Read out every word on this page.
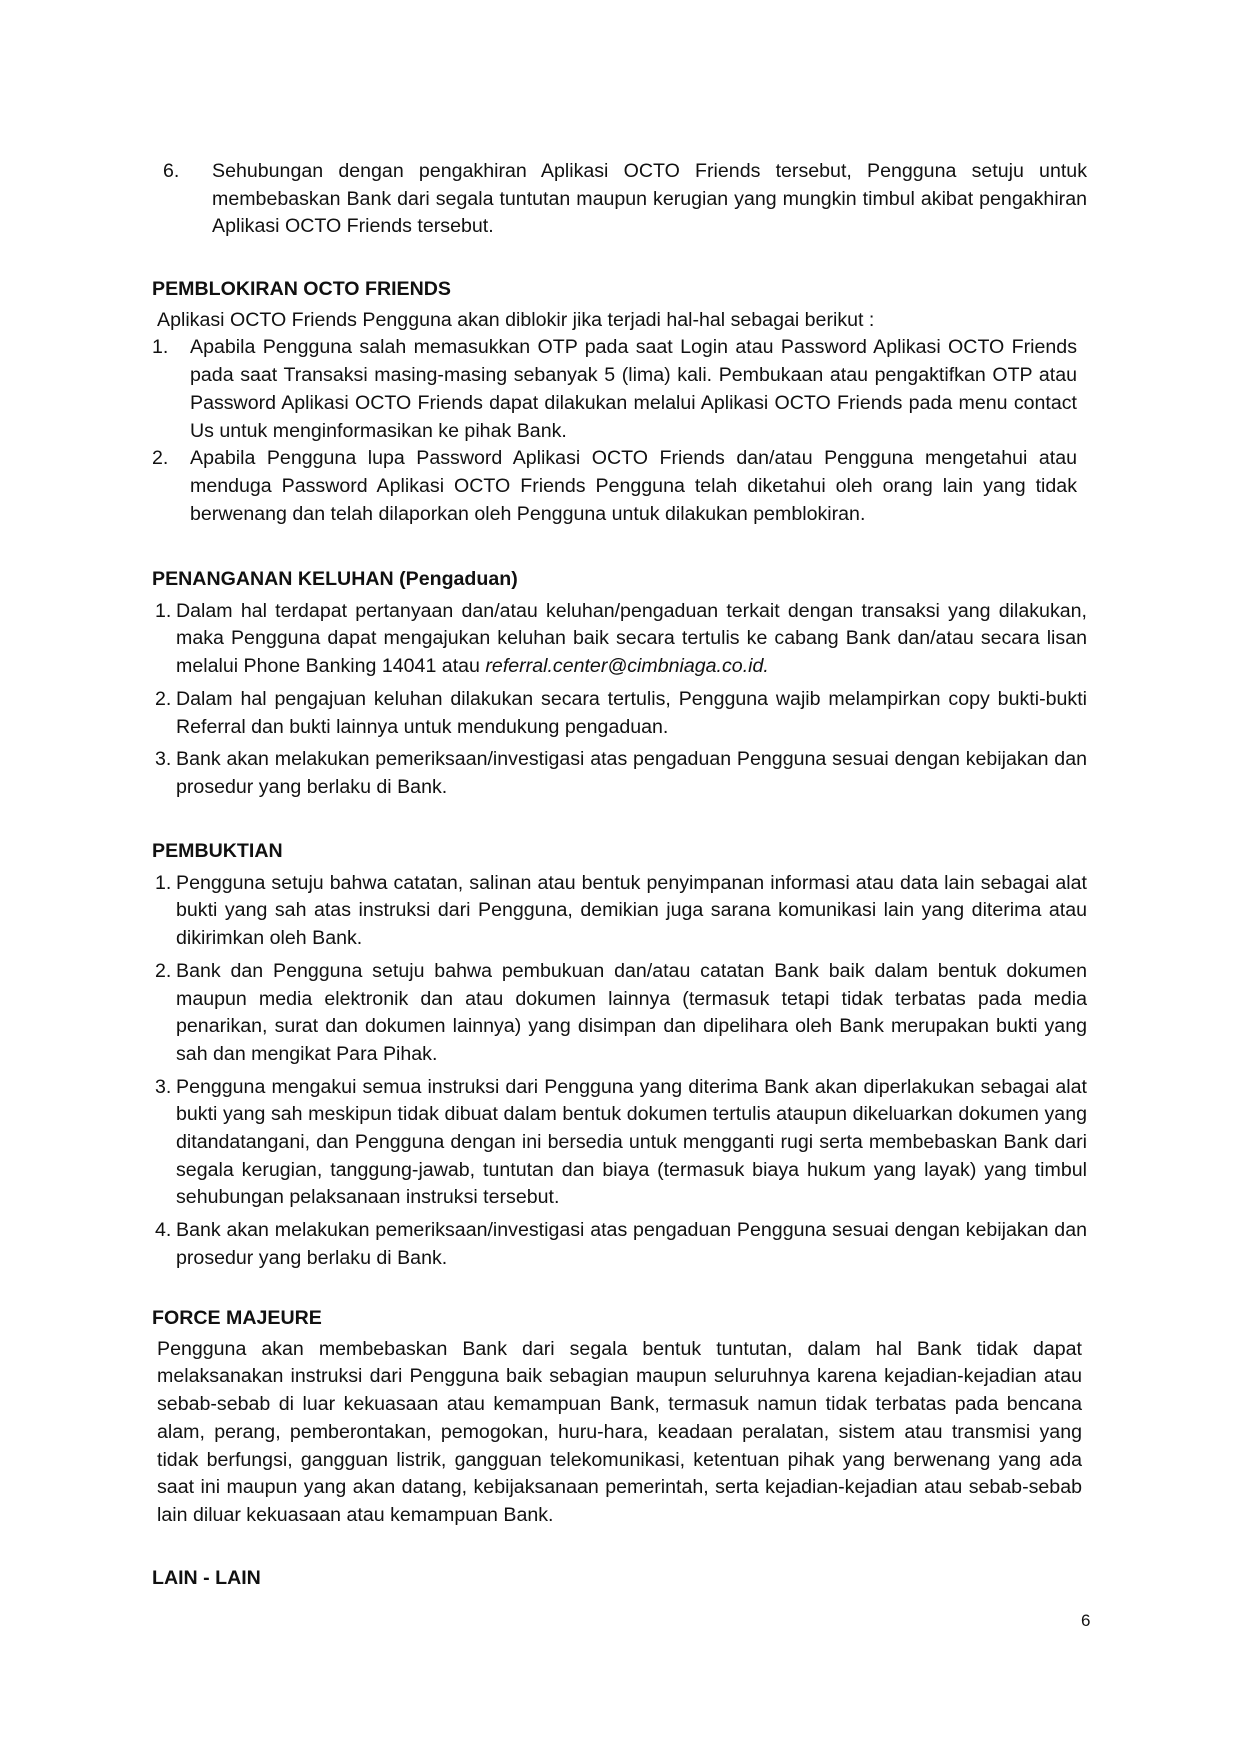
6. Sehubungan dengan pengakhiran Aplikasi OCTO Friends tersebut, Pengguna setuju untuk membebaskan Bank dari segala tuntutan maupun kerugian yang mungkin timbul akibat pengakhiran Aplikasi OCTO Friends tersebut.
PEMBLOKIRAN OCTO FRIENDS

Aplikasi OCTO Friends Pengguna akan diblokir jika terjadi hal-hal sebagai berikut :

1. Apabila Pengguna salah memasukkan OTP pada saat Login atau Password Aplikasi OCTO Friends pada saat Transaksi masing-masing sebanyak 5 (lima) kali. Pembukaan atau pengaktifkan OTP atau Password Aplikasi OCTO Friends dapat dilakukan melalui Aplikasi OCTO Friends pada menu contact Us untuk menginformasikan ke pihak Bank.
2. Apabila Pengguna lupa Password Aplikasi OCTO Friends dan/atau Pengguna mengetahui atau menduga Password Aplikasi OCTO Friends Pengguna telah diketahui oleh orang lain yang tidak berwenang dan telah dilaporkan oleh Pengguna untuk dilakukan pemblokiran.
PENANGANAN KELUHAN (Pengaduan)
1. Dalam hal terdapat pertanyaan dan/atau keluhan/pengaduan terkait dengan transaksi yang dilakukan, maka Pengguna dapat mengajukan keluhan baik secara tertulis ke cabang Bank dan/atau secara lisan melalui Phone Banking 14041 atau referral.center@cimbniaga.co.id.
2. Dalam hal pengajuan keluhan dilakukan secara tertulis, Pengguna wajib melampirkan copy bukti-bukti Referral dan bukti lainnya untuk mendukung pengaduan.
3. Bank akan melakukan pemeriksaan/investigasi atas pengaduan Pengguna sesuai dengan kebijakan dan prosedur yang berlaku di Bank.
PEMBUKTIAN
1. Pengguna setuju bahwa catatan, salinan atau bentuk penyimpanan informasi atau data lain sebagai alat bukti yang sah atas instruksi dari Pengguna, demikian juga sarana komunikasi lain yang diterima atau dikirimkan oleh Bank.
2. Bank dan Pengguna setuju bahwa pembukuan dan/atau catatan Bank baik dalam bentuk dokumen maupun media elektronik dan atau dokumen lainnya (termasuk tetapi tidak terbatas pada media penarikan, surat dan dokumen lainnya) yang disimpan dan dipelihara oleh Bank merupakan bukti yang sah dan mengikat Para Pihak.
3. Pengguna mengakui semua instruksi dari Pengguna yang diterima Bank akan diperlakukan sebagai alat bukti yang sah meskipun tidak dibuat dalam bentuk dokumen tertulis ataupun dikeluarkan dokumen yang ditandatangani, dan Pengguna dengan ini bersedia untuk mengganti rugi serta membebaskan Bank dari segala kerugian, tanggung-jawab, tuntutan dan biaya (termasuk biaya hukum yang layak) yang timbul sehubungan pelaksanaan instruksi tersebut.
4. Bank akan melakukan pemeriksaan/investigasi atas pengaduan Pengguna sesuai dengan kebijakan dan prosedur yang berlaku di Bank.
FORCE MAJEURE

Pengguna akan membebaskan Bank dari segala bentuk tuntutan, dalam hal Bank tidak dapat melaksanakan instruksi dari Pengguna baik sebagian maupun seluruhnya karena kejadian-kejadian atau sebab-sebab di luar kekuasaan atau kemampuan Bank, termasuk namun tidak terbatas pada bencana alam, perang, pemberontakan, pemogokan, huru-hara, keadaan peralatan, sistem atau transmisi yang tidak berfungsi, gangguan listrik, gangguan telekomunikasi, ketentuan pihak yang berwenang yang ada saat ini maupun yang akan datang, kebijaksanaan pemerintah, serta kejadian-kejadian atau sebab-sebab lain diluar kekuasaan atau kemampuan Bank.

LAIN - LAIN
6
